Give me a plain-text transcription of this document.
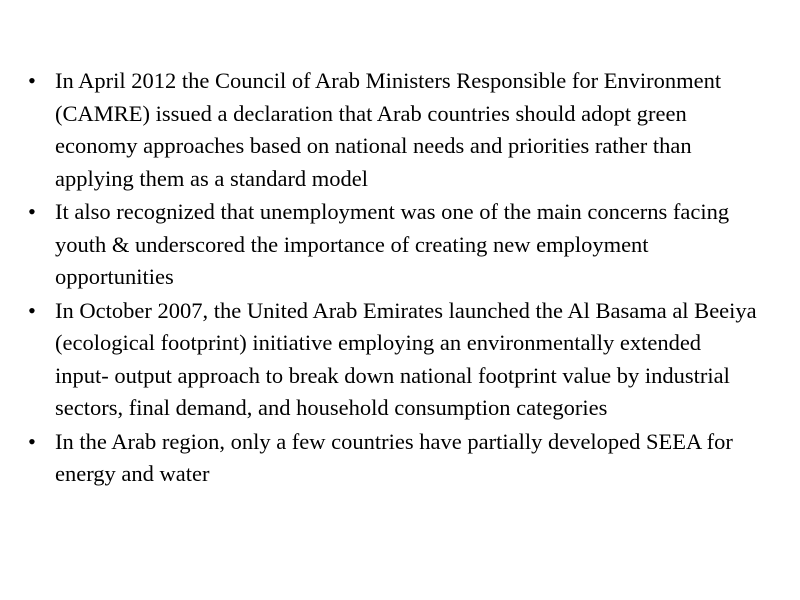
• In April 2012 the Council of Arab Ministers Responsible for Environment (CAMRE) issued a declaration that Arab countries should adopt green economy approaches based on national needs and priorities rather than applying them as a standard model
• It also recognized that unemployment was one of the main concerns facing youth & underscored the importance of creating new employment opportunities
• In October 2007, the United Arab Emirates launched the Al Basama al Beeiya (ecological footprint) initiative employing an environmentally extended input- output approach to break down national footprint value by industrial sectors, final demand, and household consumption categories
• In the Arab region, only a few countries have partially developed SEEA for energy and water
